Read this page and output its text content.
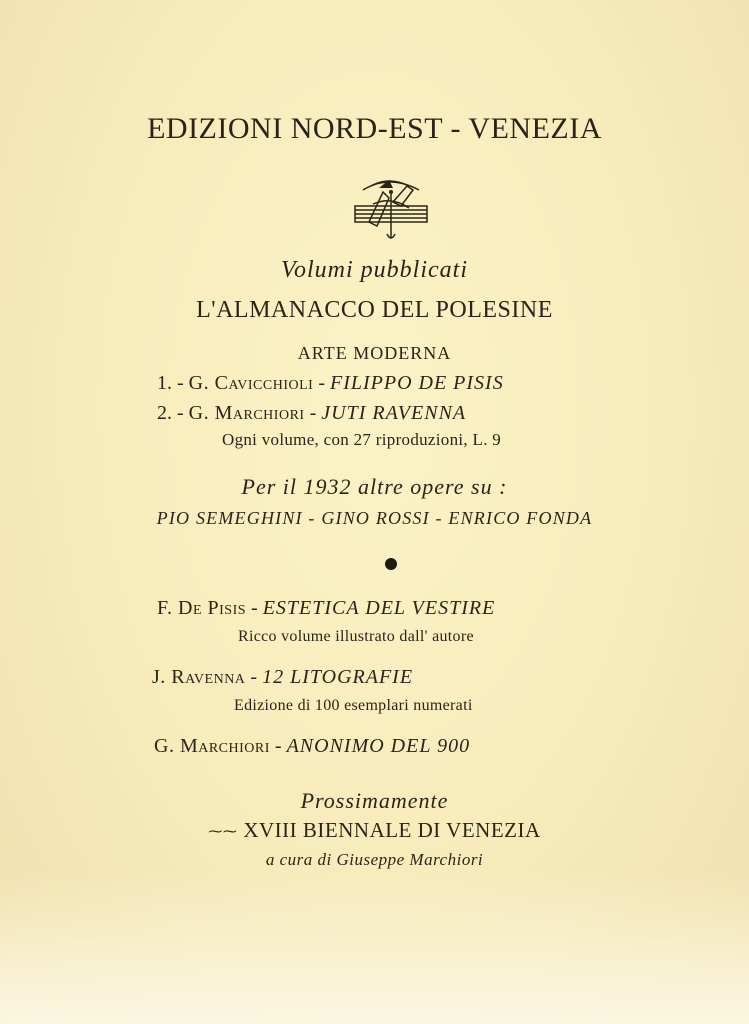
EDIZIONI NORD-EST - VENEZIA
Volumi pubblicati
L'ALMANACCO DEL POLESINE
ARTE MODERNA
1. - G. Cavicchioli - FILIPPO DE PISIS
2. - G. Marchiori - JUTI RAVENNA
Ogni volume, con 27 riproduzioni, L. 9
Per il 1932 altre opere su :
PIO SEMEGHINI - GINO ROSSI - ENRICO FONDA
F. De Pisis - ESTETICA DEL VESTIRE
Ricco volume illustrato dall' autore
J. Ravenna - 12 LITOGRAFIE
Edizione di 100 esemplari numerati
G. Marchiori - ANONIMO DEL 900
Prossimamente
⁓⁓ XVIII BIENNALE DI VENEZIA
a cura di Giuseppe Marchiori
